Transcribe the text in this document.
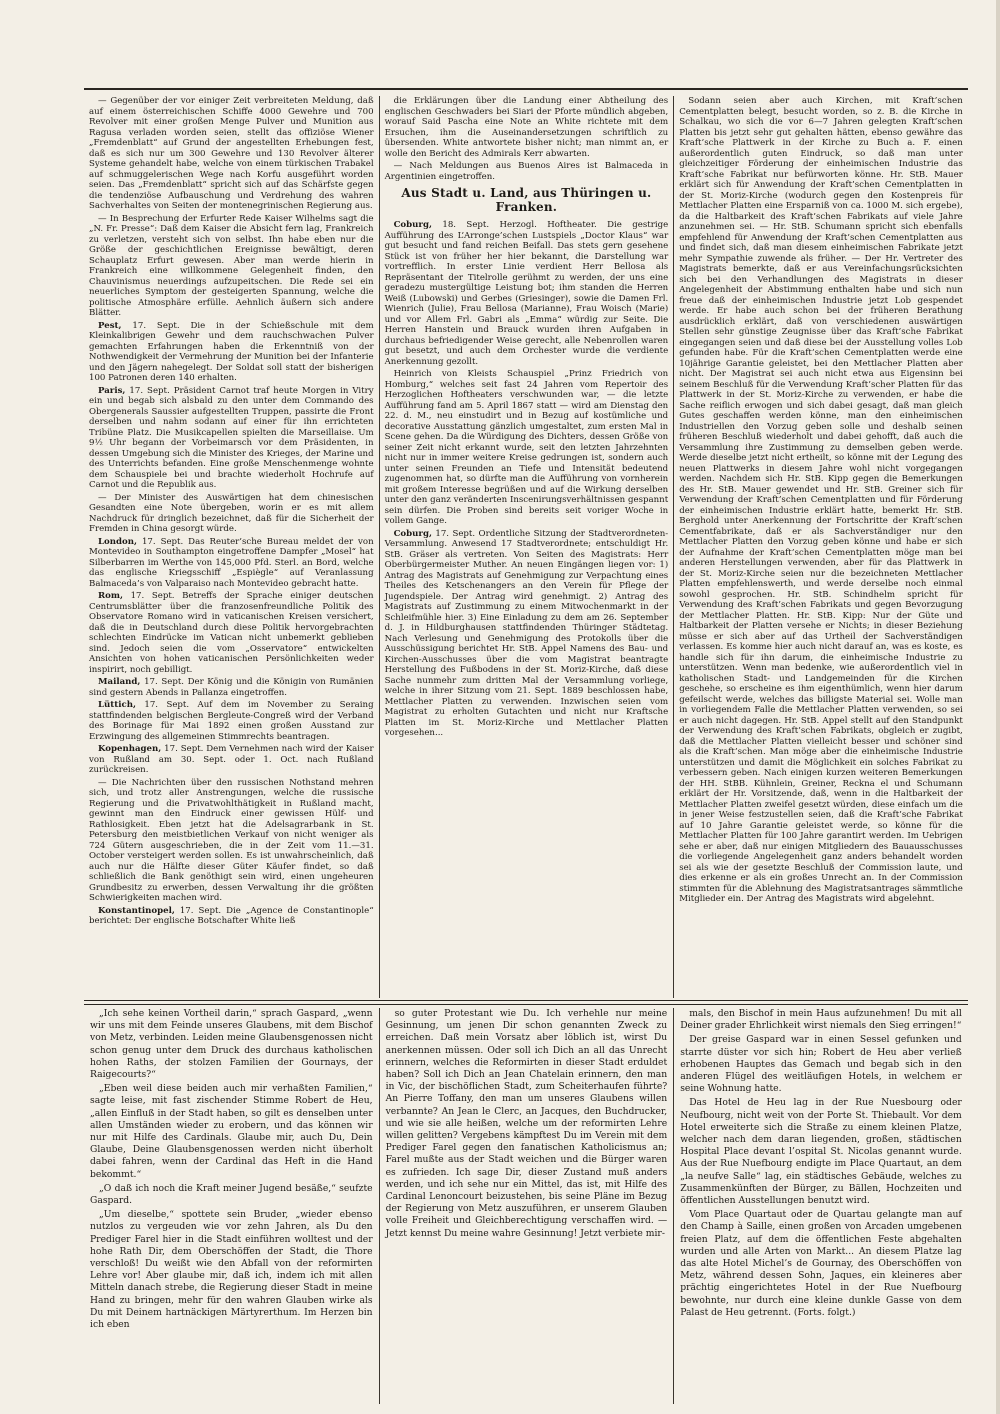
— Gegenüber der vor einiger Zeit verbreiteten Meldung, daß auf einem österreichischen Schiffe 4000 Gewehre und 700 Revolver mit einer großen Menge Pulver und Munition aus Ragusa verladen worden seien, stellt das offiziöse Wiener „Fremdenblatt“ auf Grund der angestellten Erhebungen fest, daß es sich nur um 300 Gewehre und 130 Revolver älterer Systeme gehandelt habe, welche von einem türkischen Trabakel auf schmuggelerischen Wege nach Korfu ausgeführt worden seien. Das „Fremdenblatt“ spricht sich auf das Schärfste gegen die tendenziöse Aufbauschung und Verdrehung des wahren Sachverhaltes von Seiten der montenegrinischen Regierung aus.

— In Besprechung der Erfurter Rede Kaiser Wilhelms sagt die „N. Fr. Presse“: Daß dem Kaiser die Absicht fern lag, Frankreich zu verletzen, versteht sich von selbst. Ihn habe eben nur die Größe der geschichtlichen Ereignisse bewältigt, deren Schauplatz Erfurt gewesen. Aber man werde hierin in Frankreich eine willkommene Gelegenheit finden, den Chauvinismus neuerdings aufzupeitschen. Die Rede sei ein neuerliches Symptom der gesteigerten Spannung, welche die politische Atmosphäre erfülle. Aehnlich äußern sich andere Blätter.

Pest, 17. Sept. Die in der Schießschule mit dem Kleinkalibrigen Gewehr und dem rauchschwachen Pulver gemachten Erfahrungen haben die Erkenntniß von der Nothwendigkeit der Vermehrung der Munition bei der Infanterie und den Jägern nahegelegt. Der Soldat soll statt der bisherigen 100 Patronen deren 140 erhalten.

Paris, 17. Sept. Präsident Carnot traf heute Morgen in Vitry ein und begab sich alsbald zu den unter dem Commando des Obergenerals Saussier aufgestellten Truppen, passirte die Front derselben und nahm sodann auf einer für ihn errichteten Tribüne Platz. Die Musikcapellen spielten die Marseillaise. Um 9½ Uhr begann der Vorbeimarsch vor dem Präsidenten, in dessen Umgebung sich die Minister des Krieges, der Marine und des Unterrichts befanden. Eine große Menschenmenge wohnte dem Schauspiele bei und brachte wiederholt Hochrufe auf Carnot und die Republik aus.

— Der Minister des Auswärtigen hat dem chinesischen Gesandten eine Note übergeben, worin er es mit allem Nachdruck für dringlich bezeichnet, daß für die Sicherheit der Fremden in China gesorgt würde.

London, 17. Sept. Das Reuter’sche Bureau meldet der von Montevideo in Southampton eingetroffene Dampfer „Mosel“ hat Silberbarren im Werthe von 145,000 Pfd. Sterl. an Bord, welche das englische Kriegsschiff „Espiègle“ auf Veranlassung Balmaceda’s von Valparaiso nach Montevideo gebracht hatte.

Rom, 17. Sept. Betreffs der Sprache einiger deutschen Centrumsblätter über die franzosenfreundliche Politik des Observatore Romano wird in vaticanischen Kreisen versichert, daß die in Deutschland durch diese Politik hervorgebrachten schlechten Eindrücke im Vatican nicht unbemerkt geblieben sind. Jedoch seien die vom „Osservatore“ entwickelten Ansichten von hohen vaticanischen Persönlichkeiten weder inspirirt, noch gebilligt.

Mailand, 17. Sept. Der König und die Königin von Rumänien sind gestern Abends in Pallanza eingetroffen.

Lüttich, 17. Sept. Auf dem im November zu Seraing stattfindenden belgischen Bergleute-Congreß wird der Verband des Borinage für Mai 1892 einen großen Ausstand zur Erzwingung des allgemeinen Stimmrechts beantragen.

Kopenhagen, 17. Sept. Dem Vernehmen nach wird der Kaiser von Rußland am 30. Sept. oder 1. Oct. nach Rußland zurückreisen.

— Die Nachrichten über den russischen Nothstand mehren sich, und trotz aller Anstrengungen, welche die russische Regierung und die Privatwohlthätigkeit in Rußland macht, gewinnt man den Eindruck einer gewissen Hülf- und Rathlosigkeit. Eben jetzt hat die Adelsagrarbank in St. Petersburg den meistbietlichen Verkauf von nicht weniger als 724 Gütern ausgeschrieben, die in der Zeit vom 11.—31. October versteigert werden sollen. Es ist unwahrscheinlich, daß auch nur die Hälfte dieser Güter Käufer findet, so daß schließlich die Bank genöthigt sein wird, einen ungeheuren Grundbesitz zu erwerben, dessen Verwaltung ihr die größten Schwierigkeiten machen wird.

Konstantinopel, 17. Sept. Die „Agence de Constantinople“ berichtet: Der englische Botschafter White ließ

die Erklärungen über die Landung einer Abtheilung des englischen Geschwaders bei Siari der Pforte mündlich abgeben, worauf Said Pascha eine Note an White richtete mit dem Ersuchen, ihm die Auseinandersetzungen schriftlich zu übersenden. White antwortete bisher nicht; man nimmt an, er wolle den Bericht des Admirals Kerr abwarten.

— Nach Meldungen aus Buenos Aires ist Balmaceda in Argentinien eingetroffen.

Aus Stadt u. Land, aus Thüringen u. Franken.

Coburg, 18. Sept. Herzogl. Hoftheater. Die gestrige Aufführung des L’Arronge’schen Lustspiels „Doctor Klaus“ war gut besucht und fand reichen Beifall. Das stets gern gesehene Stück ist von früher her hier bekannt, die Darstellung war vortrefflich. In erster Linie verdient Herr Bellosa als Repräsentant der Titelrolle gerühmt zu werden, der uns eine geradezu mustergültige Leistung bot; ihm standen die Herren Weiß (Lubowski) und Gerbes (Griesinger), sowie die Damen Frl. Wienrich (Julie), Frau Bellosa (Marianne), Frau Woisch (Marie) und vor Allem Frl. Gabri als „Emma“ würdig zur Seite. Die Herren Hanstein und Brauck wurden ihren Aufgaben in durchaus befriedigender Weise gerecht, alle Nebenrollen waren gut besetzt, und auch dem Orchester wurde die verdiente Anerkennung gezollt.

Heinrich von Kleists Schauspiel „Prinz Friedrich von Homburg,“ welches seit fast 24 Jahren vom Repertoir des Herzoglichen Hoftheaters verschwunden war, — die letzte Aufführung fand am 5. April 1867 statt — wird am Dienstag den 22. d. M., neu einstudirt und in Bezug auf kostümliche und decorative Ausstattung gänzlich umgestaltet, zum ersten Mal in Scene gehen. Da die Würdigung des Dichters, dessen Größe von seiner Zeit nicht erkannt wurde, seit den letzten Jahrzehnten nicht nur in immer weitere Kreise gedrungen ist, sondern auch unter seinen Freunden an Tiefe und Intensität bedeutend zugenommen hat, so dürfte man die Aufführung von vornherein mit großem Interesse begrüßen und auf die Wirkung derselben unter den ganz veränderten Inscenirungsverhältnissen gespannt sein dürfen. Die Proben sind bereits seit voriger Woche in vollem Gange.

Coburg, 17. Sept. Ordentliche Sitzung der Stadtverordneten-Versammlung. Anwesend 17 Stadtverordnete; entschuldigt Hr. StB. Gräser als vertreten. Von Seiten des Magistrats: Herr Oberbürgermeister Muther. An neuen Eingängen liegen vor: 1) Antrag des Magistrats auf Genehmigung zur Verpachtung eines Theiles des Ketschenangers an den Verein für Pflege der Jugendspiele. Der Antrag wird genehmigt. 2) Antrag des Magistrats auf Zustimmung zu einem Mitwochenmarkt in der Schleifmühle hier. 3) Eine Einladung zu dem am 26. September d. J. in Hildburghausen stattfindenden Thüringer Städtetag. Nach Verlesung und Genehmigung des Protokolls über die Ausschüssigung berichtet Hr. StB. Appel Namens des Bau- und Kirchen-Ausschusses über die vom Magistrat beantragte Herstellung des Fußbodens in der St. Moriz-Kirche, daß diese Sache nunmehr zum dritten Mal der Versammlung vorliege, welche in ihrer Sitzung vom 21. Sept. 1889 beschlossen habe, Mettlacher Platten zu verwenden. Inzwischen seien vom Magistrat zu erholten Gutachten und nicht nur Kraftsche Platten im St. Moriz-Kirche und Mettlacher Platten vorgesehen...

Sodann seien aber auch Kirchen, mit Kraft’schen Cementplatten belegt, besucht worden, so z. B. die Kirche in Schalkau, wo sich die vor 6—7 Jahren gelegten Kraft’schen Platten bis jetzt sehr gut gehalten hätten, ebenso gewähre das Kraft’sche Plattwerk in der Kirche zu Buch a. F. einen außerordentlich guten Eindruck, so daß man unter gleichzeitiger Förderung der einheimischen Industrie das Kraft’sche Fabrikat nur befürworten könne. Hr. StB. Mauer erklärt sich für Anwendung der Kraft’schen Cementplatten in der St. Moriz-Kirche (wodurch gegen den Kostenpreis für Mettlacher Platten eine Ersparniß von ca. 1000 M. sich ergebe), da die Haltbarkeit des Kraft’schen Fabrikats auf viele Jahre anzunehmen sei. — Hr. StB. Schumann spricht sich ebenfalls empfehlend für Anwendung der Kraft’schen Cementplatten aus und findet sich, daß man diesem einheimischen Fabrikate jetzt mehr Sympathie zuwende als früher. — Der Hr. Vertreter des Magistrats bemerkte, daß er aus Vereinfachungsrücksichten sich bei den Verhandlungen des Magistrats in dieser Angelegenheit der Abstimmung enthalten habe und sich nun freue daß der einheimischen Industrie jetzt Lob gespendet werde. Er habe auch schon bei der früheren Berathung ausdrücklich erklärt, daß von verschiedenen auswärtigen Stellen sehr günstige Zeugnisse über das Kraft’sche Fabrikat eingegangen seien und daß diese bei der Ausstellung volles Lob gefunden habe. Für die Kraft’schen Cementplatten werde eine 10jährige Garantie geleistet, bei den Mettlacher Platten aber nicht. Der Magistrat sei auch nicht etwa aus Eigensinn bei seinem Beschluß für die Verwendung Kraft’scher Platten für das Plattwerk in der St. Moriz-Kirche zu verwenden, er habe die Sache reiflich erwogen und sich dabei gesagt, daß man gleich Gutes geschaffen werden könne, man den einheimischen Industriellen den Vorzug geben solle und deshalb seinen früheren Beschluß wiederholt und dabei gehofft, daß auch die Versammlung ihre Zustimmung zu demselben geben werde. Werde dieselbe jetzt nicht ertheilt, so könne mit der Legung des neuen Plattwerks in diesem Jahre wohl nicht vorgegangen werden. Nachdem sich Hr. StB. Kipp gegen die Bemerkungen des Hr. StB. Mauer gewendet und Hr. StB. Greiner sich für Verwendung der Kraft’schen Cementplatten und für Förderung der einheimischen Industrie erklärt hatte, bemerkt Hr. StB. Berghold unter Anerkennung der Fortschritte der Kraft’schen Cementfabrikate, daß er als Sachverständiger nur den Mettlacher Platten den Vorzug geben könne und habe er sich der Aufnahme der Kraft’schen Cementplatten möge man bei anderen Herstellungen verwenden, aber für das Plattwerk in der St. Moriz-Kirche seien nur die bezeichneten Mettlacher Platten empfehlenswerth, und werde derselbe noch einmal sowohl gesprochen. Hr. StB. Schindhelm spricht für Verwendung des Kraft’schen Fabrikats und gegen Bevorzugung der Mettlacher Platten. Hr. StB. Kipp: Nur der Güte und Haltbarkeit der Platten versehe er Nichts; in dieser Beziehung müsse er sich aber auf das Urtheil der Sachverständigen verlassen. Es komme hier auch nicht darauf an, was es koste, es handle sich für ihn darum, die einheimische Industrie zu unterstützen. Wenn man bedenke, wie außerordentlich viel in katholischen Stadt- und Landgemeinden für die Kirchen geschehe, so erscheine es ihm eigenthümlich, wenn hier darum gefeilscht werde, welches das billigste Material sei. Wolle man in vorliegendem Falle die Mettlacher Platten verwenden, so sei er auch nicht dagegen. Hr. StB. Appel stellt auf den Standpunkt der Verwendung des Kraft’schen Fabrikats, obgleich er zugibt, daß die Mettlacher Platten vielleicht besser und schöner sind als die Kraft’schen. Man möge aber die einheimische Industrie unterstützen und damit die Möglichkeit ein solches Fabrikat zu verbessern geben. Nach einigen kurzen weiteren Bemerkungen der HH. StBB. Kühnlein, Greiner, Reckna el und Schumann erklärt der Hr. Vorsitzende, daß, wenn in die Haltbarkeit der Mettlacher Platten zweifel gesetzt würden, diese einfach um die in jener Weise festzustellen seien, daß die Kraft’sche Fabrikat auf 10 Jahre Garantie geleistet werde, so könne für die Mettlacher Platten für 100 Jahre garantirt werden. Im Uebrigen sehe er aber, daß nur einigen Mitgliedern des Bauausschusses die vorliegende Angelegenheit ganz anders behandelt worden sei als wie der gesetzte Beschluß der Commission laute, und dies erkenne er als ein großes Unrecht an. In der Commission stimmten für die Ablehnung des Magistratsantrages sämmtliche Mitglieder ein. Der Antrag des Magistrats wird abgelehnt.

„Ich sehe keinen Vortheil darin,“ sprach Gaspard, „wenn wir uns mit dem Feinde unseres Glaubens, mit dem Bischof von Metz, verbinden. Leiden meine Glaubensgenossen nicht schon genug unter dem Druck des durchaus katholischen hohen Raths, der stolzen Familien der Gournays, der Raigecourts?“

„Eben weil diese beiden auch mir verhaßten Familien,“ sagte leise, mit fast zischender Stimme Robert de Heu, „allen Einfluß in der Stadt haben, so gilt es denselben unter allen Umständen wieder zu erobern, und das können wir nur mit Hilfe des Cardinals. Glaube mir, auch Du, Dein Glaube, Deine Glaubensgenossen werden nicht überholt dabei fahren, wenn der Cardinal das Heft in die Hand bekommt.“

„O daß ich noch die Kraft meiner Jugend besäße,“ seufzte Gaspard.

„Um dieselbe,“ spottete sein Bruder, „wieder ebenso nutzlos zu vergeuden wie vor zehn Jahren, als Du den Prediger Farel hier in die Stadt einführen wolltest und der hohe Rath Dir, dem Oberschöffen der Stadt, die Thore verschloß! Du weißt wie den Abfall von der reformirten Lehre vor! Aber glaube mir, daß ich, indem ich mit allen Mitteln danach strebe, die Regierung dieser Stadt in meine Hand zu bringen, mehr für den wahren Glauben wirke als Du mit Deinem hartnäckigen Märtyrerthum. Im Herzen bin ich eben

so guter Protestant wie Du. Ich verhehle nur meine Gesinnung, um jenen Dir schon genannten Zweck zu erreichen. Daß mein Vorsatz aber löblich ist, wirst Du anerkennen müssen. Oder soll ich Dich an all das Unrecht erinnern, welches die Reformirten in dieser Stadt erduldet haben? Soll ich Dich an Jean Chatelain erinnern, den man in Vic, der bischöflichen Stadt, zum Scheiterhaufen führte? An Pierre Toffany, den man um unseres Glaubens willen verbannte? An Jean le Clerc, an Jacques, den Buchdrucker, und wie sie alle heißen, welche um der reformirten Lehre willen gelitten? Vergebens kämpftest Du im Verein mit dem Prediger Farel gegen den fanatischen Katholicismus an; Farel mußte aus der Stadt weichen und die Bürger waren es zufrieden. Ich sage Dir, dieser Zustand muß anders werden, und ich sehe nur ein Mittel, das ist, mit Hilfe des Cardinal Lenoncourt beizustehen, bis seine Pläne im Bezug der Regierung von Metz auszuführen, er unserem Glauben volle Freiheit und Gleichberechtigung verschaffen wird. — Jetzt kennst Du meine wahre Gesinnung! Jetzt verbiete mir-

mals, den Bischof in mein Haus aufzunehmen! Du mit all Deiner grader Ehrlichkeit wirst niemals den Sieg erringen!“

Der greise Gaspard war in einen Sessel gefunken und starrte düster vor sich hin; Robert de Heu aber verließ erhobenen Hauptes das Gemach und begab sich in den anderen Flügel des weitläufigen Hotels, in welchem er seine Wohnung hatte.

Das Hotel de Heu lag in der Rue Nuesbourg oder Neufbourg, nicht weit von der Porte St. Thiebault. Vor dem Hotel erweiterte sich die Straße zu einem kleinen Platze, welcher nach dem daran liegenden, großen, städtischen Hospital Place devant l’ospital St. Nicolas genannt wurde. Aus der Rue Nuefbourg endigte im Place Quartaut, an dem „la neufve Salle“ lag, ein städtisches Gebäude, welches zu Zusammenkünften der Bürger, zu Bällen, Hochzeiten und öffentlichen Ausstellungen benutzt wird.

Vom Place Quartaut oder de Quartau gelangte man auf den Champ à Saille, einen großen von Arcaden umgebenen freien Platz, auf dem die öffentlichen Feste abgehalten wurden und alle Arten von Markt... An diesem Platze lag das alte Hotel Michel’s de Gournay, des Oberschöffen von Metz, während dessen Sohn, Jaques, ein kleineres aber prächtig eingerichtetes Hotel in der Rue Nuefbourg bewohnte, nur durch eine kleine dunkle Gasse von dem Palast de Heu getrennt. (Forts. folgt.)
